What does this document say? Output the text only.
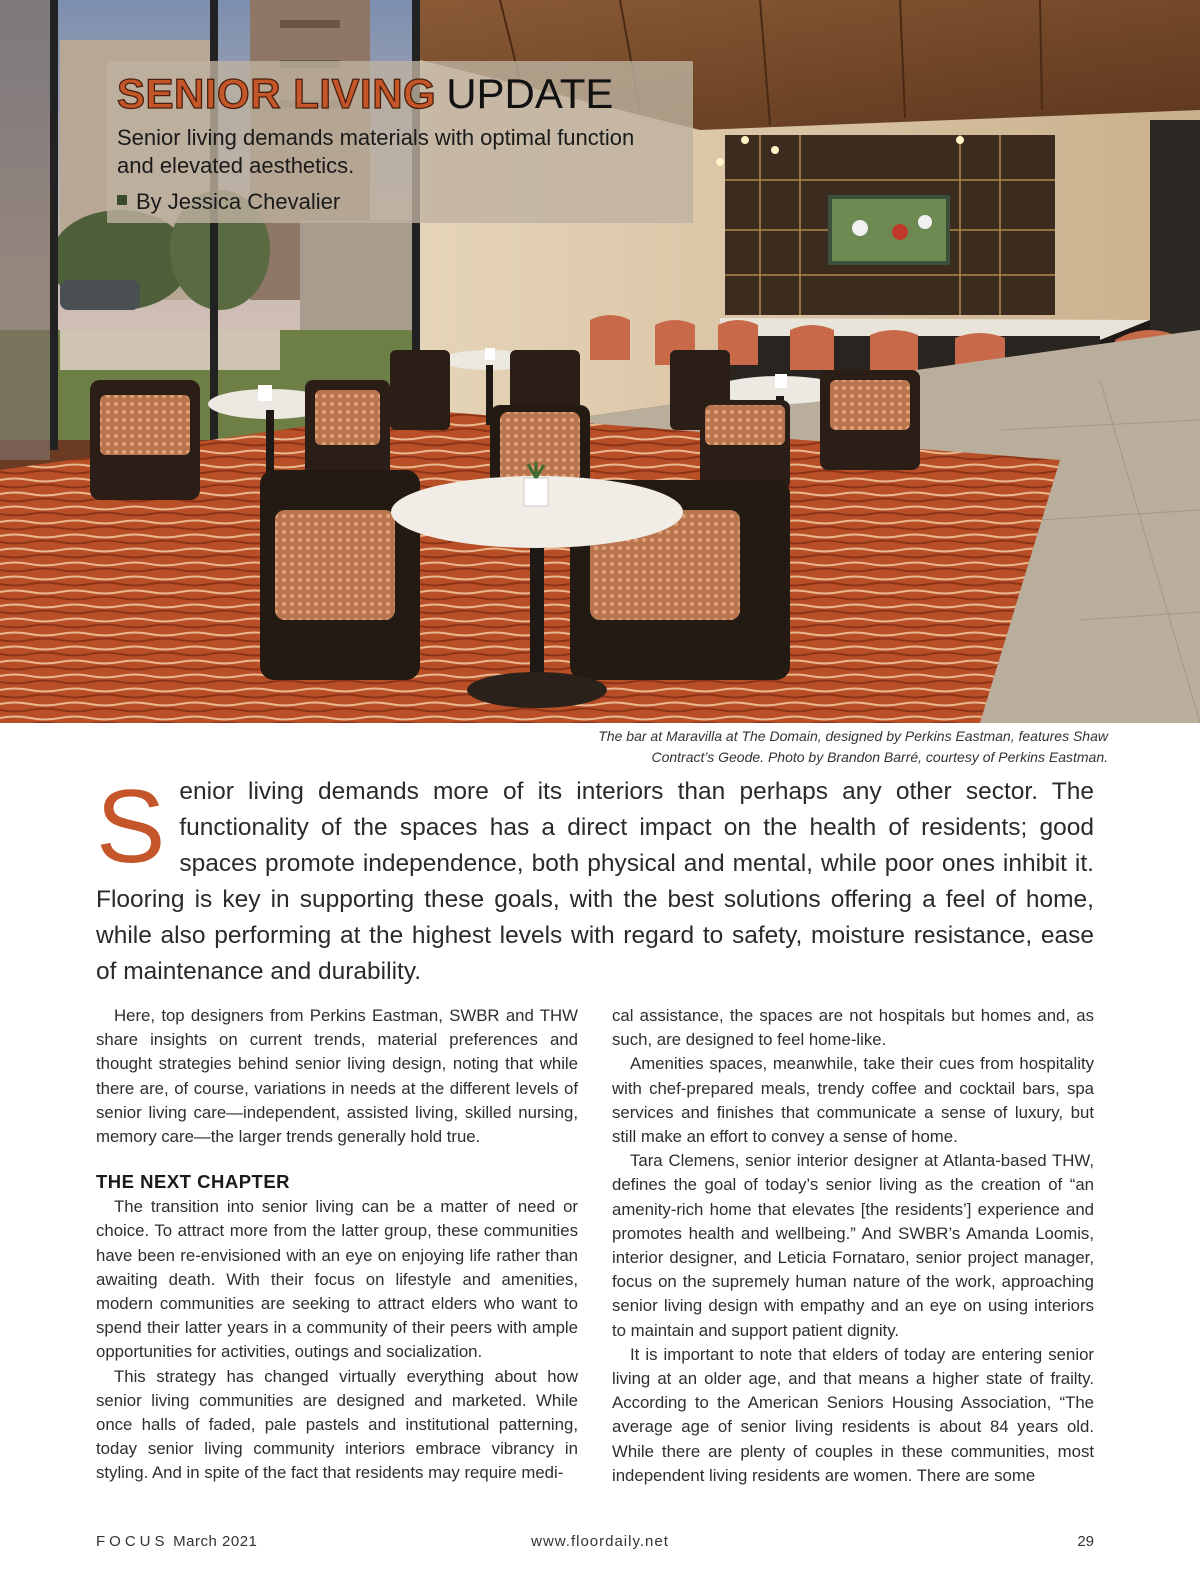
SENIOR LIVING UPDATE
Senior living demands materials with optimal function and elevated aesthetics.
By Jessica Chevalier
The bar at Maravilla at The Domain, designed by Perkins Eastman, features Shaw Contract’s Geode. Photo by Brandon Barré, courtesy of Perkins Eastman.
Senior living demands more of its interiors than perhaps any other sector. The functionality of the spaces has a direct impact on the health of residents; good spaces promote independence, both physical and mental, while poor ones inhibit it. Flooring is key in supporting these goals, with the best solutions offering a feel of home, while also performing at the highest levels with regard to safety, moisture resistance, ease of maintenance and durability.

Here, top designers from Perkins Eastman, SWBR and THW share insights on current trends, material preferences and thought strategies behind senior living design, noting that while there are, of course, variations in needs at the different levels of senior living care—independent, assisted living, skilled nursing, memory care—the larger trends generally hold true.

THE NEXT CHAPTER

The transition into senior living can be a matter of need or choice. To attract more from the latter group, these communities have been re-envisioned with an eye on enjoying life rather than awaiting death. With their focus on lifestyle and amenities, modern communities are seeking to attract elders who want to spend their latter years in a community of their peers with ample opportunities for activities, outings and socialization.

This strategy has changed virtually everything about how senior living communities are designed and marketed. While once halls of faded, pale pastels and institutional patterning, today senior living community interiors embrace vibrancy in styling. And in spite of the fact that residents may require medi-

cal assistance, the spaces are not hospitals but homes and, as such, are designed to feel home-like.

Amenities spaces, meanwhile, take their cues from hospitality with chef-prepared meals, trendy coffee and cocktail bars, spa services and finishes that communicate a sense of luxury, but still make an effort to convey a sense of home.

Tara Clemens, senior interior designer at Atlanta-based THW, defines the goal of today’s senior living as the creation of “an amenity-rich home that elevates [the residents’] experience and promotes health and wellbeing.” And SWBR’s Amanda Loomis, interior designer, and Leticia Fornataro, senior project manager, focus on the supremely human nature of the work, approaching senior living design with empathy and an eye on using interiors to maintain and support patient dignity.

It is important to note that elders of today are entering senior living at an older age, and that means a higher state of frailty. According to the American Seniors Housing Association, “The average age of senior living residents is about 84 years old. While there are plenty of couples in these communities, most independent living residents are women. There are some

FOCUS March 2021	www.floordaily.net	29
